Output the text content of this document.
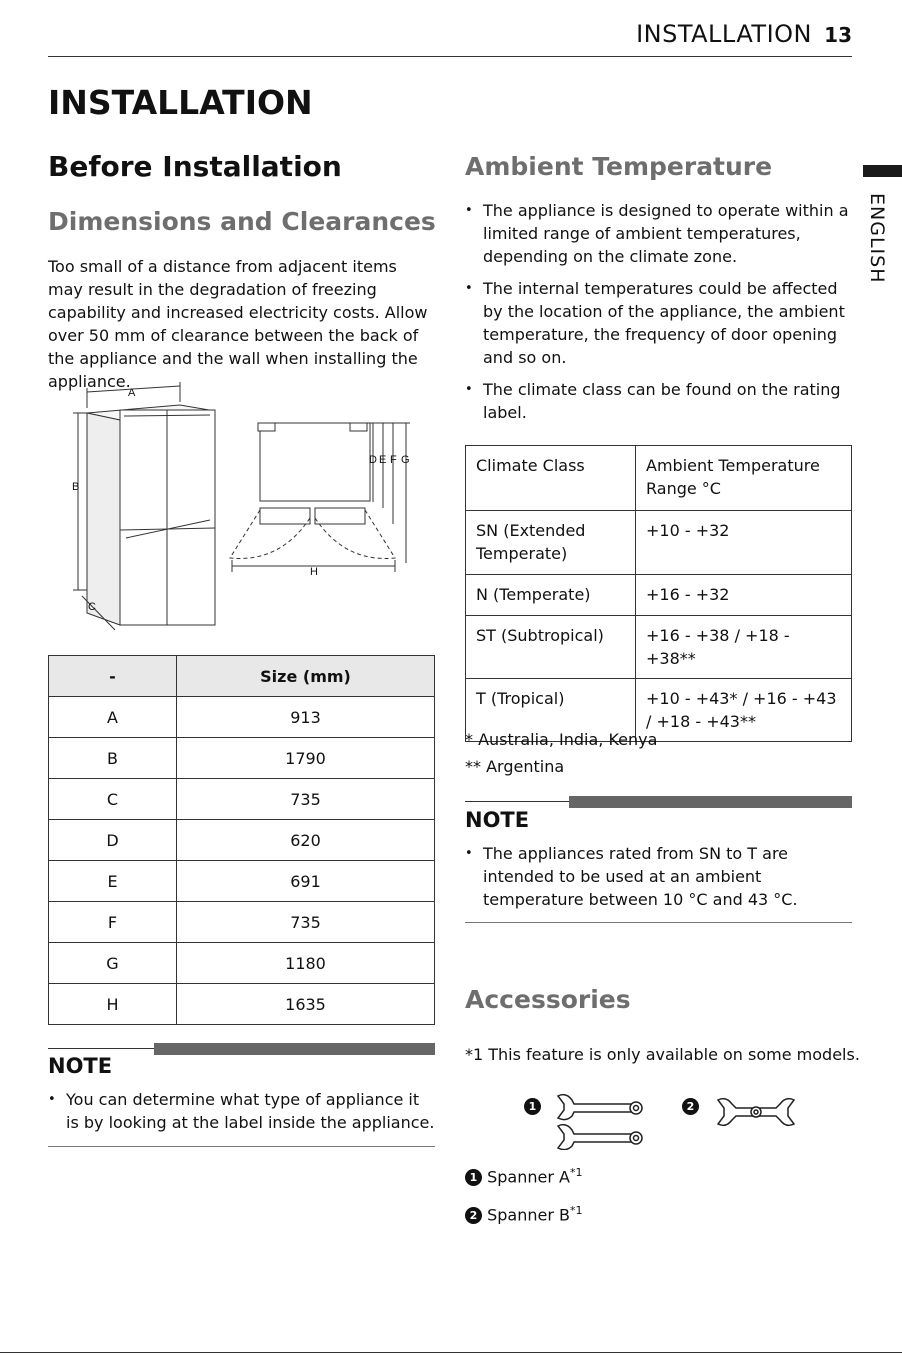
INSTALLATION 13
ENGLISH
INSTALLATION
Before Installation
Dimensions and Clearances
Too small of a distance from adjacent items may result in the degradation of freezing capability and increased electricity costs. Allow over 50 mm of clearance between the back of the appliance and the wall when installing the appliance.
A
B
C
D E F G
H
-	Size (mm)
A	913
B	1790
C	735
D	620
E	691
F	735
G	1180
H	1635
NOTE
• You can determine what type of appliance it is by looking at the label inside the appliance.
Ambient Temperature
• The appliance is designed to operate within a limited range of ambient temperatures, depending on the climate zone.
• The internal temperatures could be affected by the location of the appliance, the ambient temperature, the frequency of door opening and so on.
• The climate class can be found on the rating label.
Climate Class	Ambient Temperature Range °C
SN (Extended Temperate)	+10 - +32
N (Temperate)	+16 - +32
ST (Subtropical)	+16 - +38 / +18 - +38**
T (Tropical)	+10 - +43* / +16 - +43 / +18 - +43**
* Australia, India, Kenya
** Argentina
NOTE
• The appliances rated from SN to T are intended to be used at an ambient temperature between 10 °C and 43 °C.
Accessories
*1 This feature is only available on some models.
1	2
1 Spanner $A^{*1}$
2 Spanner $B^{*1}$
